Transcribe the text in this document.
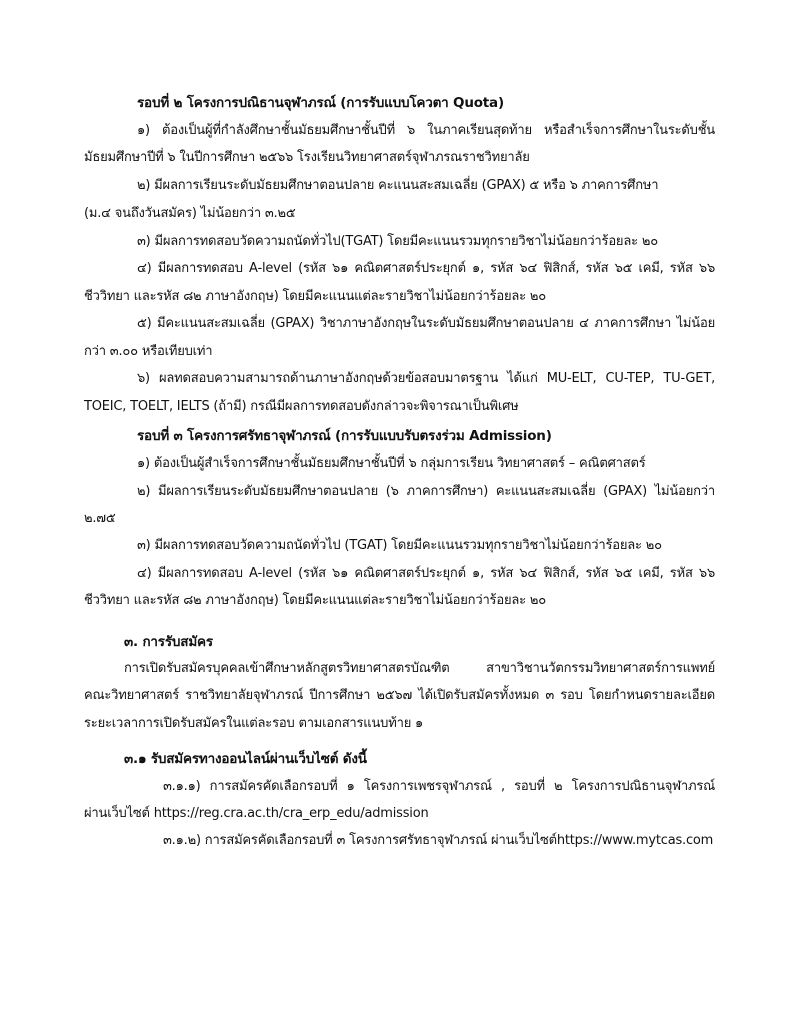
รอบที่ ๒ โครงการปณิธานจุฬาภรณ์ (การรับแบบโควตา Quota)
๑) ต้องเป็นผู้ที่กำลังศึกษาชั้นมัธยมศึกษาชั้นปีที่ ๖ ในภาคเรียนสุดท้าย หรือสำเร็จการศึกษาในระดับชั้น
มัธยมศึกษาปีที่ ๖ ในปีการศึกษา ๒๕๖๖ โรงเรียนวิทยาศาสตร์จุฬาภรณราชวิทยาลัย
๒) มีผลการเรียนระดับมัธยมศึกษาตอนปลาย คะแนนสะสมเฉลี่ย (GPAX) ๕ หรือ ๖ ภาคการศึกษา
(ม.๔ จนถึงวันสมัคร) ไม่น้อยกว่า ๓.๒๕
๓) มีผลการทดสอบวัดความถนัดทั่วไป(TGAT) โดยมีคะแนนรวมทุกรายวิชาไม่น้อยกว่าร้อยละ ๒๐
๔) มีผลการทดสอบ A-level (รหัส ๖๑ คณิตศาสตร์ประยุกต์ ๑, รหัส ๖๔ ฟิสิกส์, รหัส ๖๕ เคมี, รหัส ๖๖
ชีววิทยา และรหัส ๘๒ ภาษาอังกฤษ) โดยมีคะแนนแต่ละรายวิชาไม่น้อยกว่าร้อยละ ๒๐
๕) มีคะแนนสะสมเฉลี่ย (GPAX) วิชาภาษาอังกฤษในระดับมัธยมศึกษาตอนปลาย ๔ ภาคการศึกษา ไม่น้อย
กว่า ๓.๐๐ หรือเทียบเท่า
๖) ผลทดสอบความสามารถด้านภาษาอังกฤษด้วยข้อสอบมาตรฐาน ได้แก่ MU-ELT, CU-TEP, TU-GET,
TOEIC, TOELT, IELTS (ถ้ามี) กรณีมีผลการทดสอบดังกล่าวจะพิจารณาเป็นพิเศษ
รอบที่ ๓ โครงการศรัทธาจุฬาภรณ์ (การรับแบบรับตรงร่วม Admission)
๑) ต้องเป็นผู้สำเร็จการศึกษาชั้นมัธยมศึกษาชั้นปีที่ ๖ กลุ่มการเรียน วิทยาศาสตร์ – คณิตศาสตร์
๒) มีผลการเรียนระดับมัธยมศึกษาตอนปลาย (๖ ภาคการศึกษา) คะแนนสะสมเฉลี่ย (GPAX) ไม่น้อยกว่า
๒.๗๕
๓) มีผลการทดสอบวัดความถนัดทั่วไป (TGAT) โดยมีคะแนนรวมทุกรายวิชาไม่น้อยกว่าร้อยละ ๒๐
๔) มีผลการทดสอบ A-level (รหัส ๖๑ คณิตศาสตร์ประยุกต์ ๑, รหัส ๖๔ ฟิสิกส์, รหัส ๖๕ เคมี, รหัส ๖๖
ชีววิทยา และรหัส ๘๒ ภาษาอังกฤษ) โดยมีคะแนนแต่ละรายวิชาไม่น้อยกว่าร้อยละ ๒๐
๓. การรับสมัคร
การเปิดรับสมัครบุคคลเข้าศึกษาหลักสูตรวิทยาศาสตรบัณฑิต สาขาวิชานวัตกรรมวิทยาศาสตร์การแพทย์
คณะวิทยาศาสตร์ ราชวิทยาลัยจุฬาภรณ์ ปีการศึกษา ๒๕๖๗ ได้เปิดรับสมัครทั้งหมด ๓ รอบ โดยกำหนดรายละเอียด
ระยะเวลาการเปิดรับสมัครในแต่ละรอบ ตามเอกสารแนบท้าย ๑
๓.๑ รับสมัครทางออนไลน์ผ่านเว็บไซต์ ดังนี้
๓.๑.๑) การสมัครคัดเลือกรอบที่ ๑ โครงการเพชรจุฬาภรณ์ , รอบที่ ๒ โครงการปณิธานจุฬาภรณ์
ผ่านเว็บไซต์ https://reg.cra.ac.th/cra_erp_edu/admission
๓.๑.๒) การสมัครคัดเลือกรอบที่ ๓ โครงการศรัทธาจุฬาภรณ์ ผ่านเว็บไซต์https://www.mytcas.com
